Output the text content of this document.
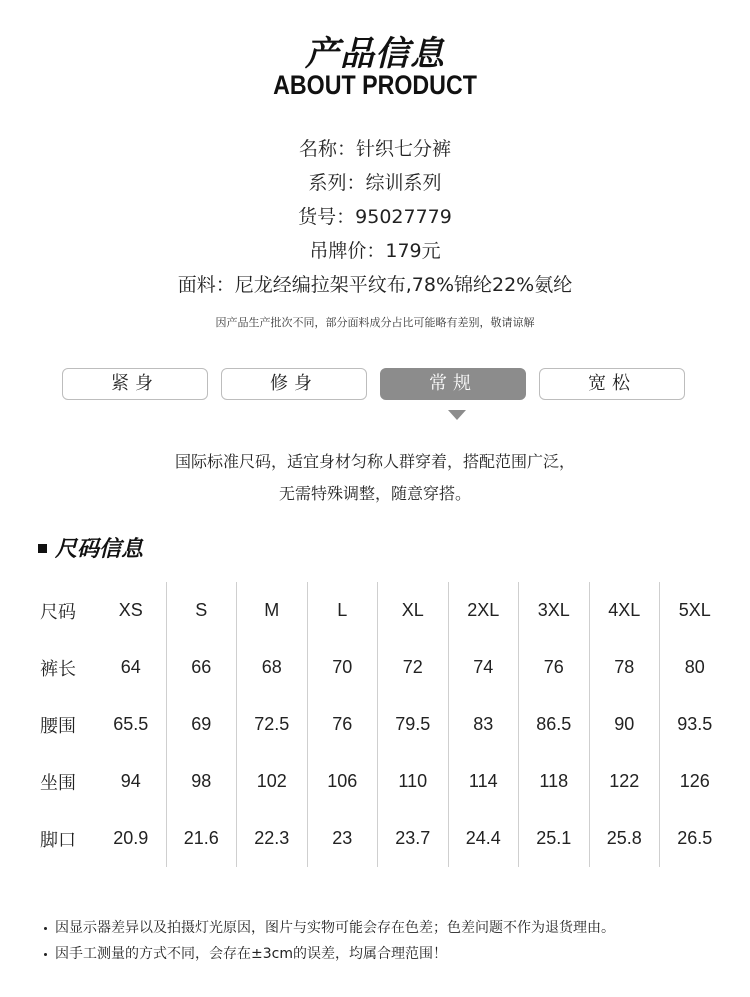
产品信息
ABOUT PRODUCT
名称：针织七分裤
系列：综训系列
货号：95027779
吊牌价：179元
面料：尼龙经编拉架平纹布,78%锦纶22%氨纶
因产品生产批次不同，部分面料成分占比可能略有差别，敬请谅解
紧身	修身	常规	宽松
国际标准尺码，适宜身材匀称人群穿着，搭配范围广泛，
无需特殊调整，随意穿搭。
尺码信息
尺码	XS	S	M	L	XL	2XL	3XL	4XL	5XL
裤长	64	66	68	70	72	74	76	78	80
腰围	65.5	69	72.5	76	79.5	83	86.5	90	93.5
坐围	94	98	102	106	110	114	118	122	126
脚口	20.9	21.6	22.3	23	23.7	24.4	25.1	25.8	26.5
因显示器差异以及拍摄灯光原因，图片与实物可能会存在色差；色差问题不作为退货理由。
因手工测量的方式不同，会存在±3cm的误差，均属合理范围！
